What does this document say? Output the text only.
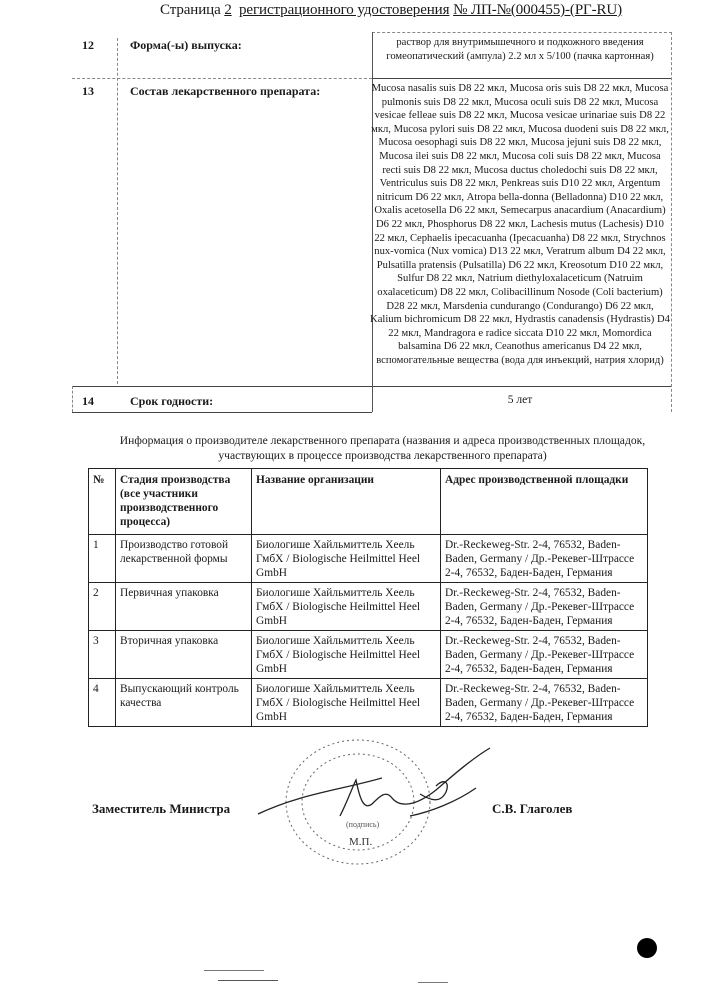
Страница 2 регистрационного удостоверения № ЛП-№(000455)-(РГ-RU)
12	Форма(-ы) выпуска:	раствор для внутримышечного и подкожного введения гомеопатический (ампула) 2.2 мл x 5/100 (пачка картонная)
13	Состав лекарственного препарата:	Mucosa nasalis suis D8 22 мкл, Mucosa oris suis D8 22 мкл, Mucosa pulmonis suis D8 22 мкл, Mucosa oculi suis D8 22 мкл, Mucosa vesicae felleae suis D8 22 мкл, Mucosa vesicae urinariae suis D8 22 мкл, Mucosa pylori suis D8 22 мкл, Mucosa duodeni suis D8 22 мкл, Mucosa oesophagi suis D8 22 мкл, Mucosa jejuni suis D8 22 мкл, Mucosa ilei suis D8 22 мкл, Mucosa coli suis D8 22 мкл, Mucosa recti suis D8 22 мкл, Mucosa ductus choledochi suis D8 22 мкл, Ventriculus suis D8 22 мкл, Penkreas suis D10 22 мкл, Argentum nitricum D6 22 мкл, Atropa bella-donna (Belladonna) D10 22 мкл, Oxalis acetosella D6 22 мкл, Semecarpus anacardium (Anacardium) D6 22 мкл, Phosphorus D8 22 мкл, Lachesis mutus (Lachesis) D10 22 мкл, Cephaelis ipecacuanha (Ipecacuanha) D8 22 мкл, Strychnos nux-vomica (Nux vomica) D13 22 мкл, Veratrum album D4 22 мкл, Pulsatilla pratensis (Pulsatilla) D6 22 мкл, Kreosotum D10 22 мкл, Sulfur D8 22 мкл, Natrium diethyloxalaceticum (Natruim oxalaceticum) D8 22 мкл, Colibacillinum Nosode (Coli bacterium) D28 22 мкл, Marsdenia cundurango (Condurango) D6 22 мкл, Kalium bichromicum D8 22 мкл, Hydrastis canadensis (Hydrastis) D4 22 мкл, Mandragora e radice siccata D10 22 мкл, Momordica balsamina D6 22 мкл, Ceanothus americanus D4 22 мкл, вспомогательные вещества (вода для инъекций, натрия хлорид)
14	Срок годности:	5 лет
Информация о производителе лекарственного препарата (названия и адреса производственных площадок, участвующих в процессе производства лекарственного препарата)
№	Стадия производства (все участники производственного процесса)	Название организации	Адрес производственной площадки
1	Производство готовой лекарственной формы	Биологише Хайльмиттель Хеель ГмбХ / Biologische Heilmittel Heel GmbH	Dr.-Reckeweg-Str. 2-4, 76532, Baden-Baden, Germany / Др.-Рекевег-Штрассе 2-4, 76532, Баден-Баден, Германия
2	Первичная упаковка	Биологише Хайльмиттель Хеель ГмбХ / Biologische Heilmittel Heel GmbH	Dr.-Reckeweg-Str. 2-4, 76532, Baden-Baden, Germany / Др.-Рекевег-Штрассе 2-4, 76532, Баден-Баден, Германия
3	Вторичная упаковка	Биологише Хайльмиттель Хеель ГмбХ / Biologische Heilmittel Heel GmbH	Dr.-Reckeweg-Str. 2-4, 76532, Baden-Baden, Germany / Др.-Рекевег-Штрассе 2-4, 76532, Баден-Баден, Германия
4	Выпускающий контроль качества	Биологише Хайльмиттель Хеель ГмбХ / Biologische Heilmittel Heel GmbH	Dr.-Reckeweg-Str. 2-4, 76532, Baden-Baden, Germany / Др.-Рекевег-Штрассе 2-4, 76532, Баден-Баден, Германия
Заместитель Министра	С.В. Глаголев
(подпись)
М.П.
